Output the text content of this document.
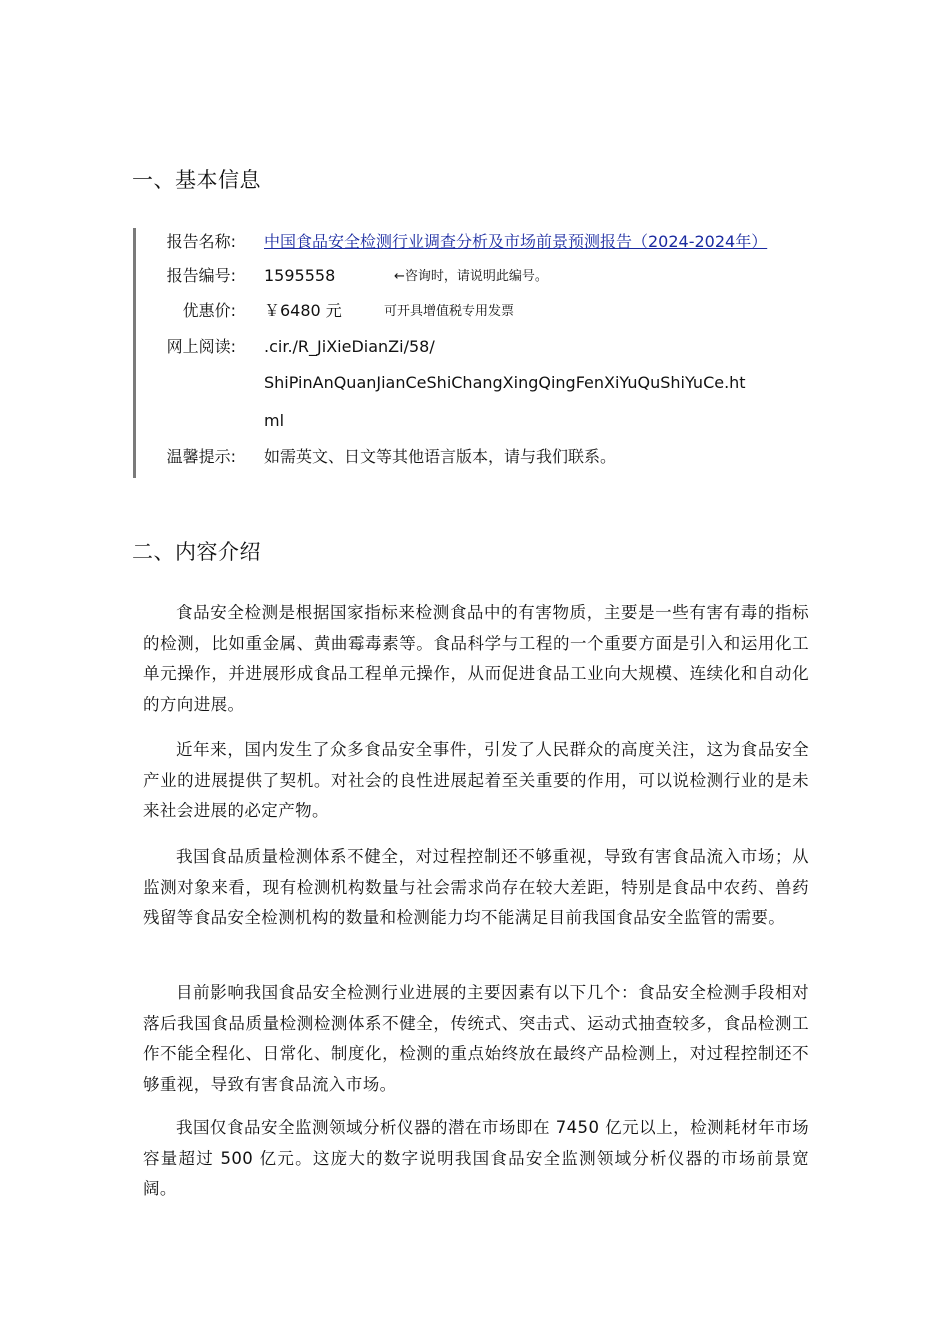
一、基本信息
报告名称: 中国食品安全检测行业调查分析及市场前景预测报告（2024-2024年）
报告编号: 1595558	←咨询时，请说明此编号。
优惠价: ￥6480 元	可开具增值税专用发票
网上阅读: .cir./R_JiXieDianZi/58/
ShiPinAnQuanJianCeShiChangXingQingFenXiYuQuShiYuCe.ht
ml
温馨提示: 如需英文、日文等其他语言版本，请与我们联系。
二、内容介绍

食品安全检测是根据国家指标来检测食品中的有害物质，主要是一些有害有毒的指标的检测，比如重金属、黄曲霉毒素等。食品科学与工程的一个重要方面是引入和运用化工单元操作，并进展形成食品工程单元操作，从而促进食品工业向大规模、连续化和自动化的方向进展。

近年来，国内发生了众多食品安全事件，引发了人民群众的高度关注，这为食品安全产业的进展提供了契机。对社会的良性进展起着至关重要的作用，可以说检测行业的是未来社会进展的必定产物。

我国食品质量检测体系不健全，对过程控制还不够重视，导致有害食品流入市场；从监测对象来看，现有检测机构数量与社会需求尚存在较大差距，特别是食品中农药、兽药残留等食品安全检测机构的数量和检测能力均不能满足目前我国食品安全监管的需要。

目前影响我国食品安全检测行业进展的主要因素有以下几个：食品安全检测手段相对落后我国食品质量检测检测体系不健全，传统式、突击式、运动式抽查较多，食品检测工作不能全程化、日常化、制度化，检测的重点始终放在最终产品检测上，对过程控制还不够重视，导致有害食品流入市场。

我国仅食品安全监测领域分析仪器的潜在市场即在 7450 亿元以上，检测耗材年市场容量超过 500 亿元。这庞大的数字说明我国食品安全监测领域分析仪器的市场前景宽阔。
